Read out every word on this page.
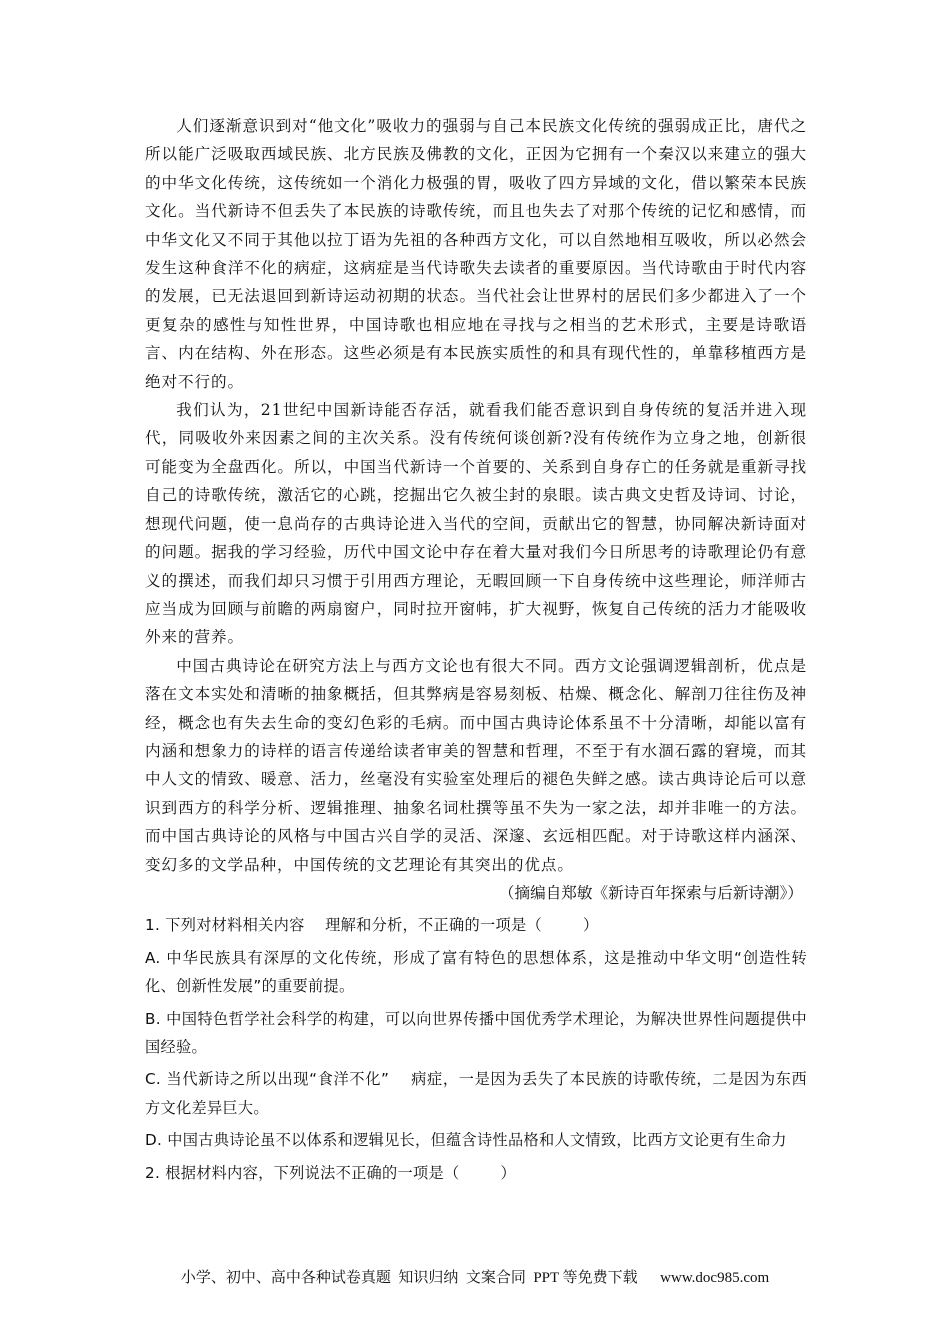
人们逐渐意识到对“他文化”吸收力的强弱与自己本民族文化传统的强弱成正比，唐代之所以能广泛吸取西域民族、北方民族及佛教的文化，正因为它拥有一个秦汉以来建立的强大的中华文化传统，这传统如一个消化力极强的胃，吸收了四方异域的文化，借以繁荣本民族文化。当代新诗不但丢失了本民族的诗歌传统，而且也失去了对那个传统的记忆和感情，而中华文化又不同于其他以拉丁语为先祖的各种西方文化，可以自然地相互吸收，所以必然会发生这种食洋不化的病症，这病症是当代诗歌失去读者的重要原因。当代诗歌由于时代内容的发展，已无法退回到新诗运动初期的状态。当代社会让世界村的居民们多少都进入了一个更复杂的感性与知性世界，中国诗歌也相应地在寻找与之相当的艺术形式，主要是诗歌语言、内在结构、外在形态。这些必须是有本民族实质性的和具有现代性的，单靠移植西方是绝对不行的。

我们认为，21世纪中国新诗能否存活，就看我们能否意识到自身传统的复活并进入现代，同吸收外来因素之间的主次关系。没有传统何谈创新?没有传统作为立身之地，创新很可能变为全盘西化。所以，中国当代新诗一个首要的、关系到自身存亡的任务就是重新寻找自己的诗歌传统，激活它的心跳，挖掘出它久被尘封的泉眼。读古典文史哲及诗词、讨论，想现代问题，使一息尚存的古典诗论进入当代的空间，贡献出它的智慧，协同解决新诗面对的问题。据我的学习经验，历代中国文论中存在着大量对我们今日所思考的诗歌理论仍有意义的撰述，而我们却只习惯于引用西方理论，无暇回顾一下自身传统中这些理论，师洋师古应当成为回顾与前瞻的两扇窗户，同时拉开窗帏，扩大视野，恢复自己传统的活力才能吸收外来的营养。

中国古典诗论在研究方法上与西方文论也有很大不同。西方文论强调逻辑剖析，优点是落在文本实处和清晰的抽象概括，但其弊病是容易刻板、枯燥、概念化、解剖刀往往伤及神经，概念也有失去生命的变幻色彩的毛病。而中国古典诗论体系虽不十分清晰，却能以富有内涵和想象力的诗样的语言传递给读者审美的智慧和哲理，不至于有水涸石露的窘境，而其中人文的情致、暖意、活力，丝毫没有实验室处理后的褪色失鲜之感。读古典诗论后可以意识到西方的科学分析、逻辑推理、抽象名词杜撰等虽不失为一家之法，却并非唯一的方法。而中国古典诗论的风格与中国古兴自学的灵活、深邃、玄远相匹配。对于诗歌这样内涵深、变幻多的文学品种，中国传统的文艺理论有其突出的优点。

（摘编自郑敏《新诗百年探索与后新诗潮》）

1. 下列对材料相关内容    理解和分析，不正确的一项是（        ）

A. 中华民族具有深厚的文化传统，形成了富有特色的思想体系，这是推动中华文明“创造性转化、创新性发展”的重要前提。

B. 中国特色哲学社会科学的构建，可以向世界传播中国优秀学术理论，为解决世界性问题提供中国经验。

C. 当代新诗之所以出现“食洋不化”    病症，一是因为丢失了本民族的诗歌传统，二是因为东西方文化差异巨大。

D. 中国古典诗论虽不以体系和逻辑见长，但蕴含诗性品格和人文情致，比西方文论更有生命力

2. 根据材料内容，下列说法不正确的一项是（        ）

小学、初中、高中各种试卷真题  知识归纳  文案合同  PPT 等免费下载      www.doc985.com
